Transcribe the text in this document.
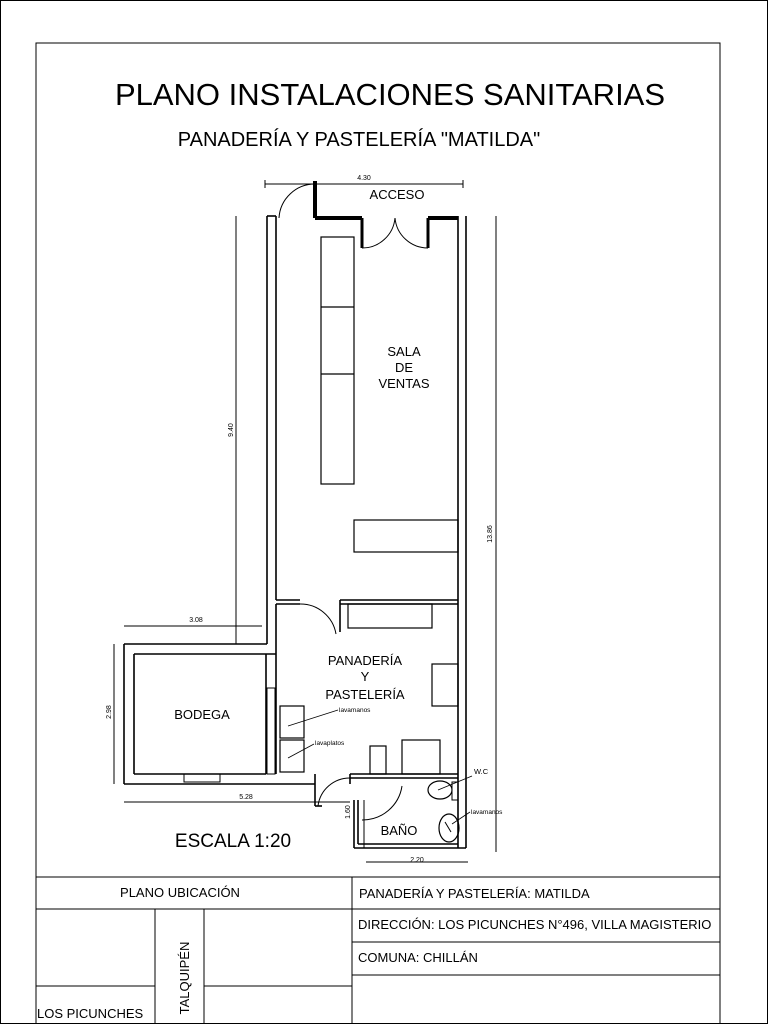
PLANO INSTALACIONES SANITARIAS
PANADERÍA Y PASTELERÍA "MATILDA"
4.30
9.40
13.86
3.08
2.98
5.28
1.60
2.20
ACCESO
SALA
DE
VENTAS
PANADERÍA
Y
PASTELERÍA
BODEGA
BAÑO
lavamanos
lavaplatos
W.C
lavamanos
ESCALA 1:20
PLANO UBICACIÓN
LOS PICUNCHES	TALQUIPÉN
PANADERÍA Y PASTELERÍA: MATILDA
DIRECCIÓN: LOS PICUNCHES N°496, VILLA MAGISTERIO
COMUNA: CHILLÁN
